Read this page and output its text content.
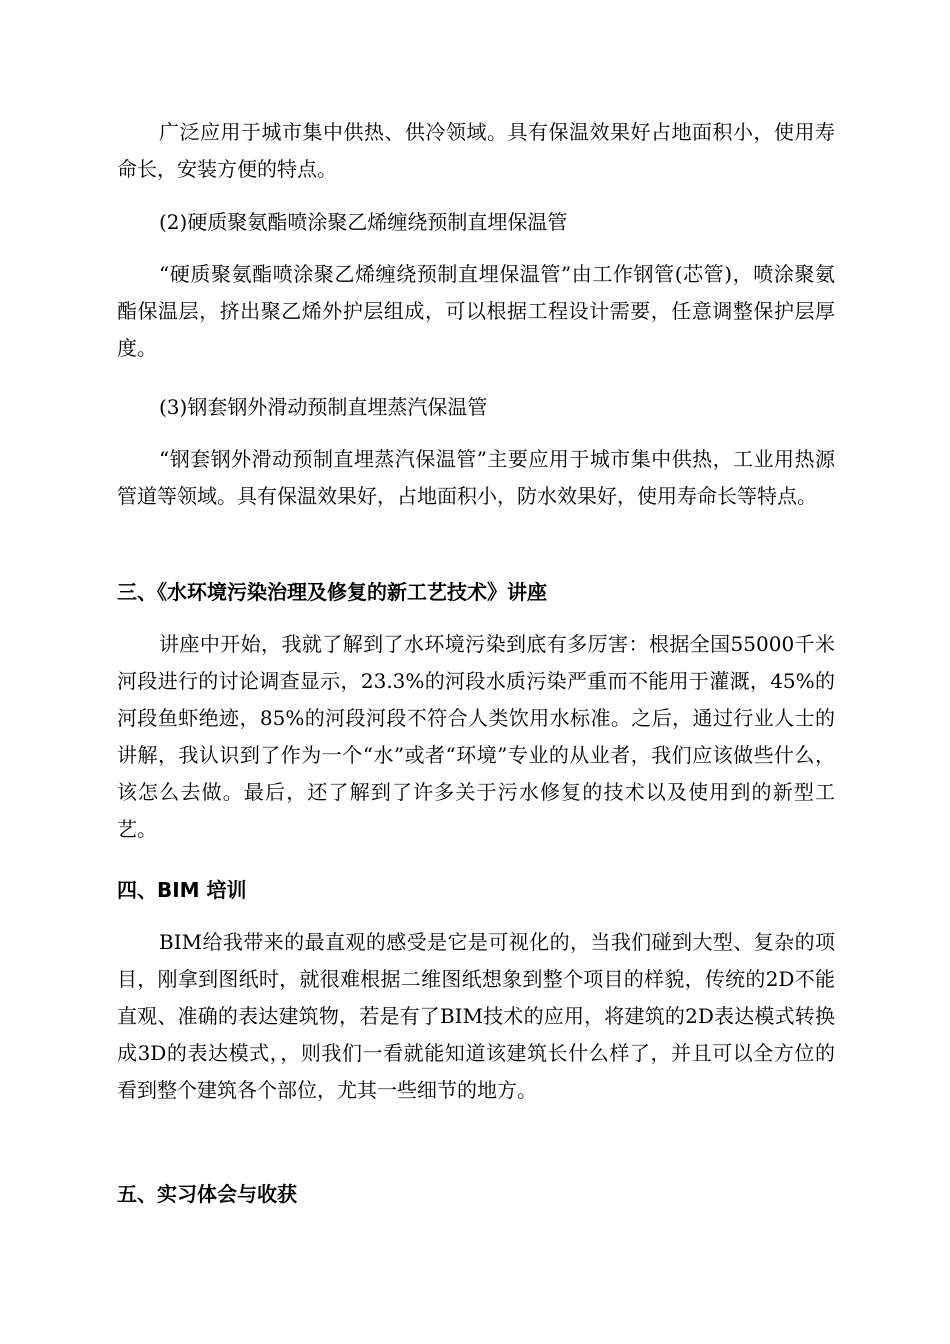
广泛应用于城市集中供热、供冷领域。具有保温效果好占地面积小，使用寿命长，安装方便的特点。

(2)硬质聚氨酯喷涂聚乙烯缠绕预制直埋保温管

“硬质聚氨酯喷涂聚乙烯缠绕预制直埋保温管”由工作钢管(芯管)，喷涂聚氨酯保温层，挤出聚乙烯外护层组成，可以根据工程设计需要，任意调整保护层厚度。

(3)钢套钢外滑动预制直埋蒸汽保温管

“钢套钢外滑动预制直埋蒸汽保温管”主要应用于城市集中供热，工业用热源管道等领域。具有保温效果好，占地面积小，防水效果好，使用寿命长等特点。

三、《水环境污染治理及修复的新工艺技术》讲座

讲座中开始，我就了解到了水环境污染到底有多厉害：根据全国55000千米河段进行的讨论调查显示，23.3%的河段水质污染严重而不能用于灌溉，45%的河段鱼虾绝迹，85%的河段河段不符合人类饮用水标准。之后，通过行业人士的讲解，我认识到了作为一个“水”或者“环境”专业的从业者，我们应该做些什么，该怎么去做。最后，还了解到了许多关于污水修复的技术以及使用到的新型工艺。

四、BIM 培训

BIM给我带来的最直观的感受是它是可视化的，当我们碰到大型、复杂的项目，刚拿到图纸时，就很难根据二维图纸想象到整个项目的样貌，传统的2D不能直观、准确的表达建筑物，若是有了BIM技术的应用，将建筑的2D表达模式转换成3D的表达模式，，则我们一看就能知道该建筑长什么样了，并且可以全方位的看到整个建筑各个部位，尤其一些细节的地方。

五、实习体会与收获
